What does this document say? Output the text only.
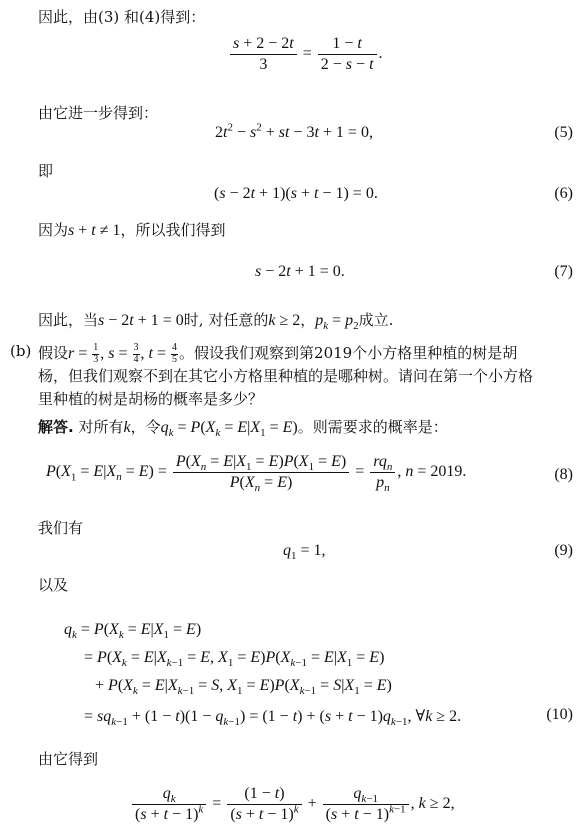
因此，由(3) 和(4)得到：
$\frac{s + 2 - 2t}{3} = \frac{1 - t}{2 - s - t}$ .
由它进一步得到：
$2t^2 - s^2$ + st − 3t + 1 = 0,	(5)
即
(s − 2t + 1)(s + t − 1) = 0.	(6)
因为s + t ≠ 1，所以我们得到
s − 2t + 1 = 0.	(7)
因此，当s − 2t + 1 = 0时, 对任意的k ≥ 2，$p_k = p_2$成立.
(b) 假设$r = \frac{1}{3}$ , $s = \frac{3}{4}$ , $t = \frac{4}{5}$ 。假设我们观察到第2019个小方格里种植的树是胡
杨，但我们观察不到在其它小方格里种植的是哪种树。请问在第一个小方格
里种植的树是胡杨的概率是多少？
解答. 对所有k，令$q_k = P(X_k = E|X_1 = E)$。则需要求的概率是：
$P(X_1 = E|X_n = E) = \frac{P(X_n = E|X_1 = E)P(X_1 = E)}{P(X_n = E)} = \frac{rq_n}{p_n}$ , n = 2019.	(8)
我们有
$q_1 = 1$,	(9)
以及
$q_k = P(X_k = E|X_1 = E)$
= $P(X_k = E|X_{k-1} = E$, $X_1 = E)P(X_{k-1} = E|X_1 = E)$
+ $P(X_k = E|X_{k-1} = S$, $X_1 = E)P(X_{k-1} = S|X_1 = E)$
= $sq_{k-1} + (1 - t)(1 - q_{k-1}) = (1 - t) + (s + t - 1)q_{k-1}$, ∀k ≥ 2.	(10)
由它得到
$\frac{q_k}{(s + t - 1)^k} = \frac{(1 - t)}{(s + t - 1)^k} + \frac{q_{k-1}}{(s + t - 1)^{k-1}}$ , k ≥ 2,
